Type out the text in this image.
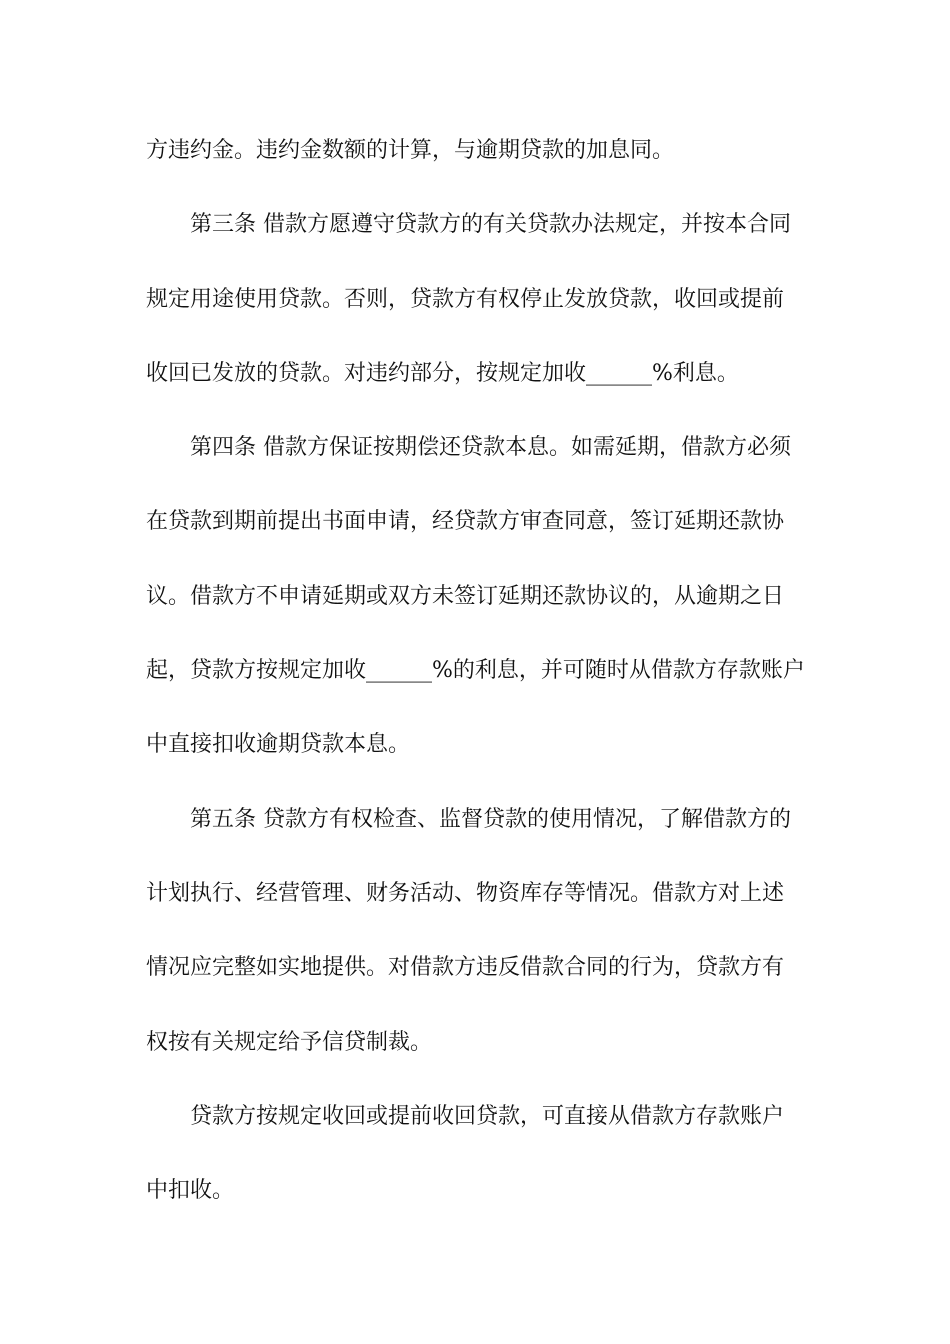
方违约金。违约金数额的计算，与逾期贷款的加息同。
第三条 借款方愿遵守贷款方的有关贷款办法规定，并按本合同
规定用途使用贷款。否则，贷款方有权停止发放贷款，收回或提前
收回已发放的贷款。对违约部分，按规定加收______%利息。
第四条 借款方保证按期偿还贷款本息。如需延期，借款方必须
在贷款到期前提出书面申请，经贷款方审查同意，签订延期还款协
议。借款方不申请延期或双方未签订延期还款协议的，从逾期之日
起，贷款方按规定加收______%的利息，并可随时从借款方存款账户
中直接扣收逾期贷款本息。
第五条 贷款方有权检查、监督贷款的使用情况，了解借款方的
计划执行、经营管理、财务活动、物资库存等情况。借款方对上述
情况应完整如实地提供。对借款方违反借款合同的行为，贷款方有
权按有关规定给予信贷制裁。
贷款方按规定收回或提前收回贷款，可直接从借款方存款账户
中扣收。
